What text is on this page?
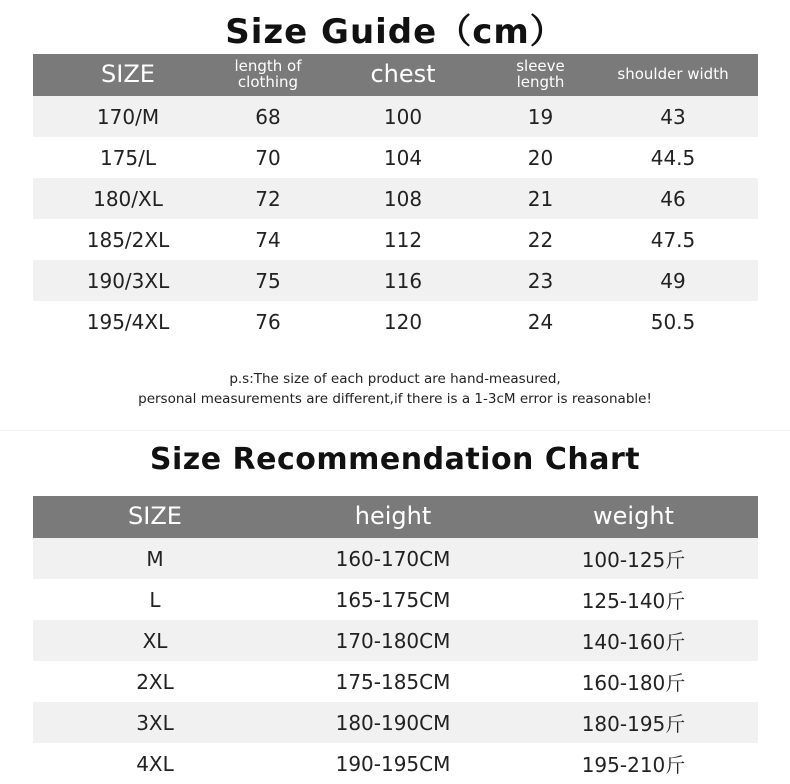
Size Guide（cm）
SIZE	length of clothing	chest	sleeve length	shoulder width
170/M	68	100	19	43
175/L	70	104	20	44.5
180/XL	72	108	21	46
185/2XL	74	112	22	47.5
190/3XL	75	116	23	49
195/4XL	76	120	24	50.5
p.s:The size of each product are hand-measured,
personal measurements are different,if there is a 1-3cM error is reasonable!
Size Recommendation Chart
SIZE	height	weight
M	160-170CM	100-125斤
L	165-175CM	125-140斤
XL	170-180CM	140-160斤
2XL	175-185CM	160-180斤
3XL	180-190CM	180-195斤
4XL	190-195CM	195-210斤
